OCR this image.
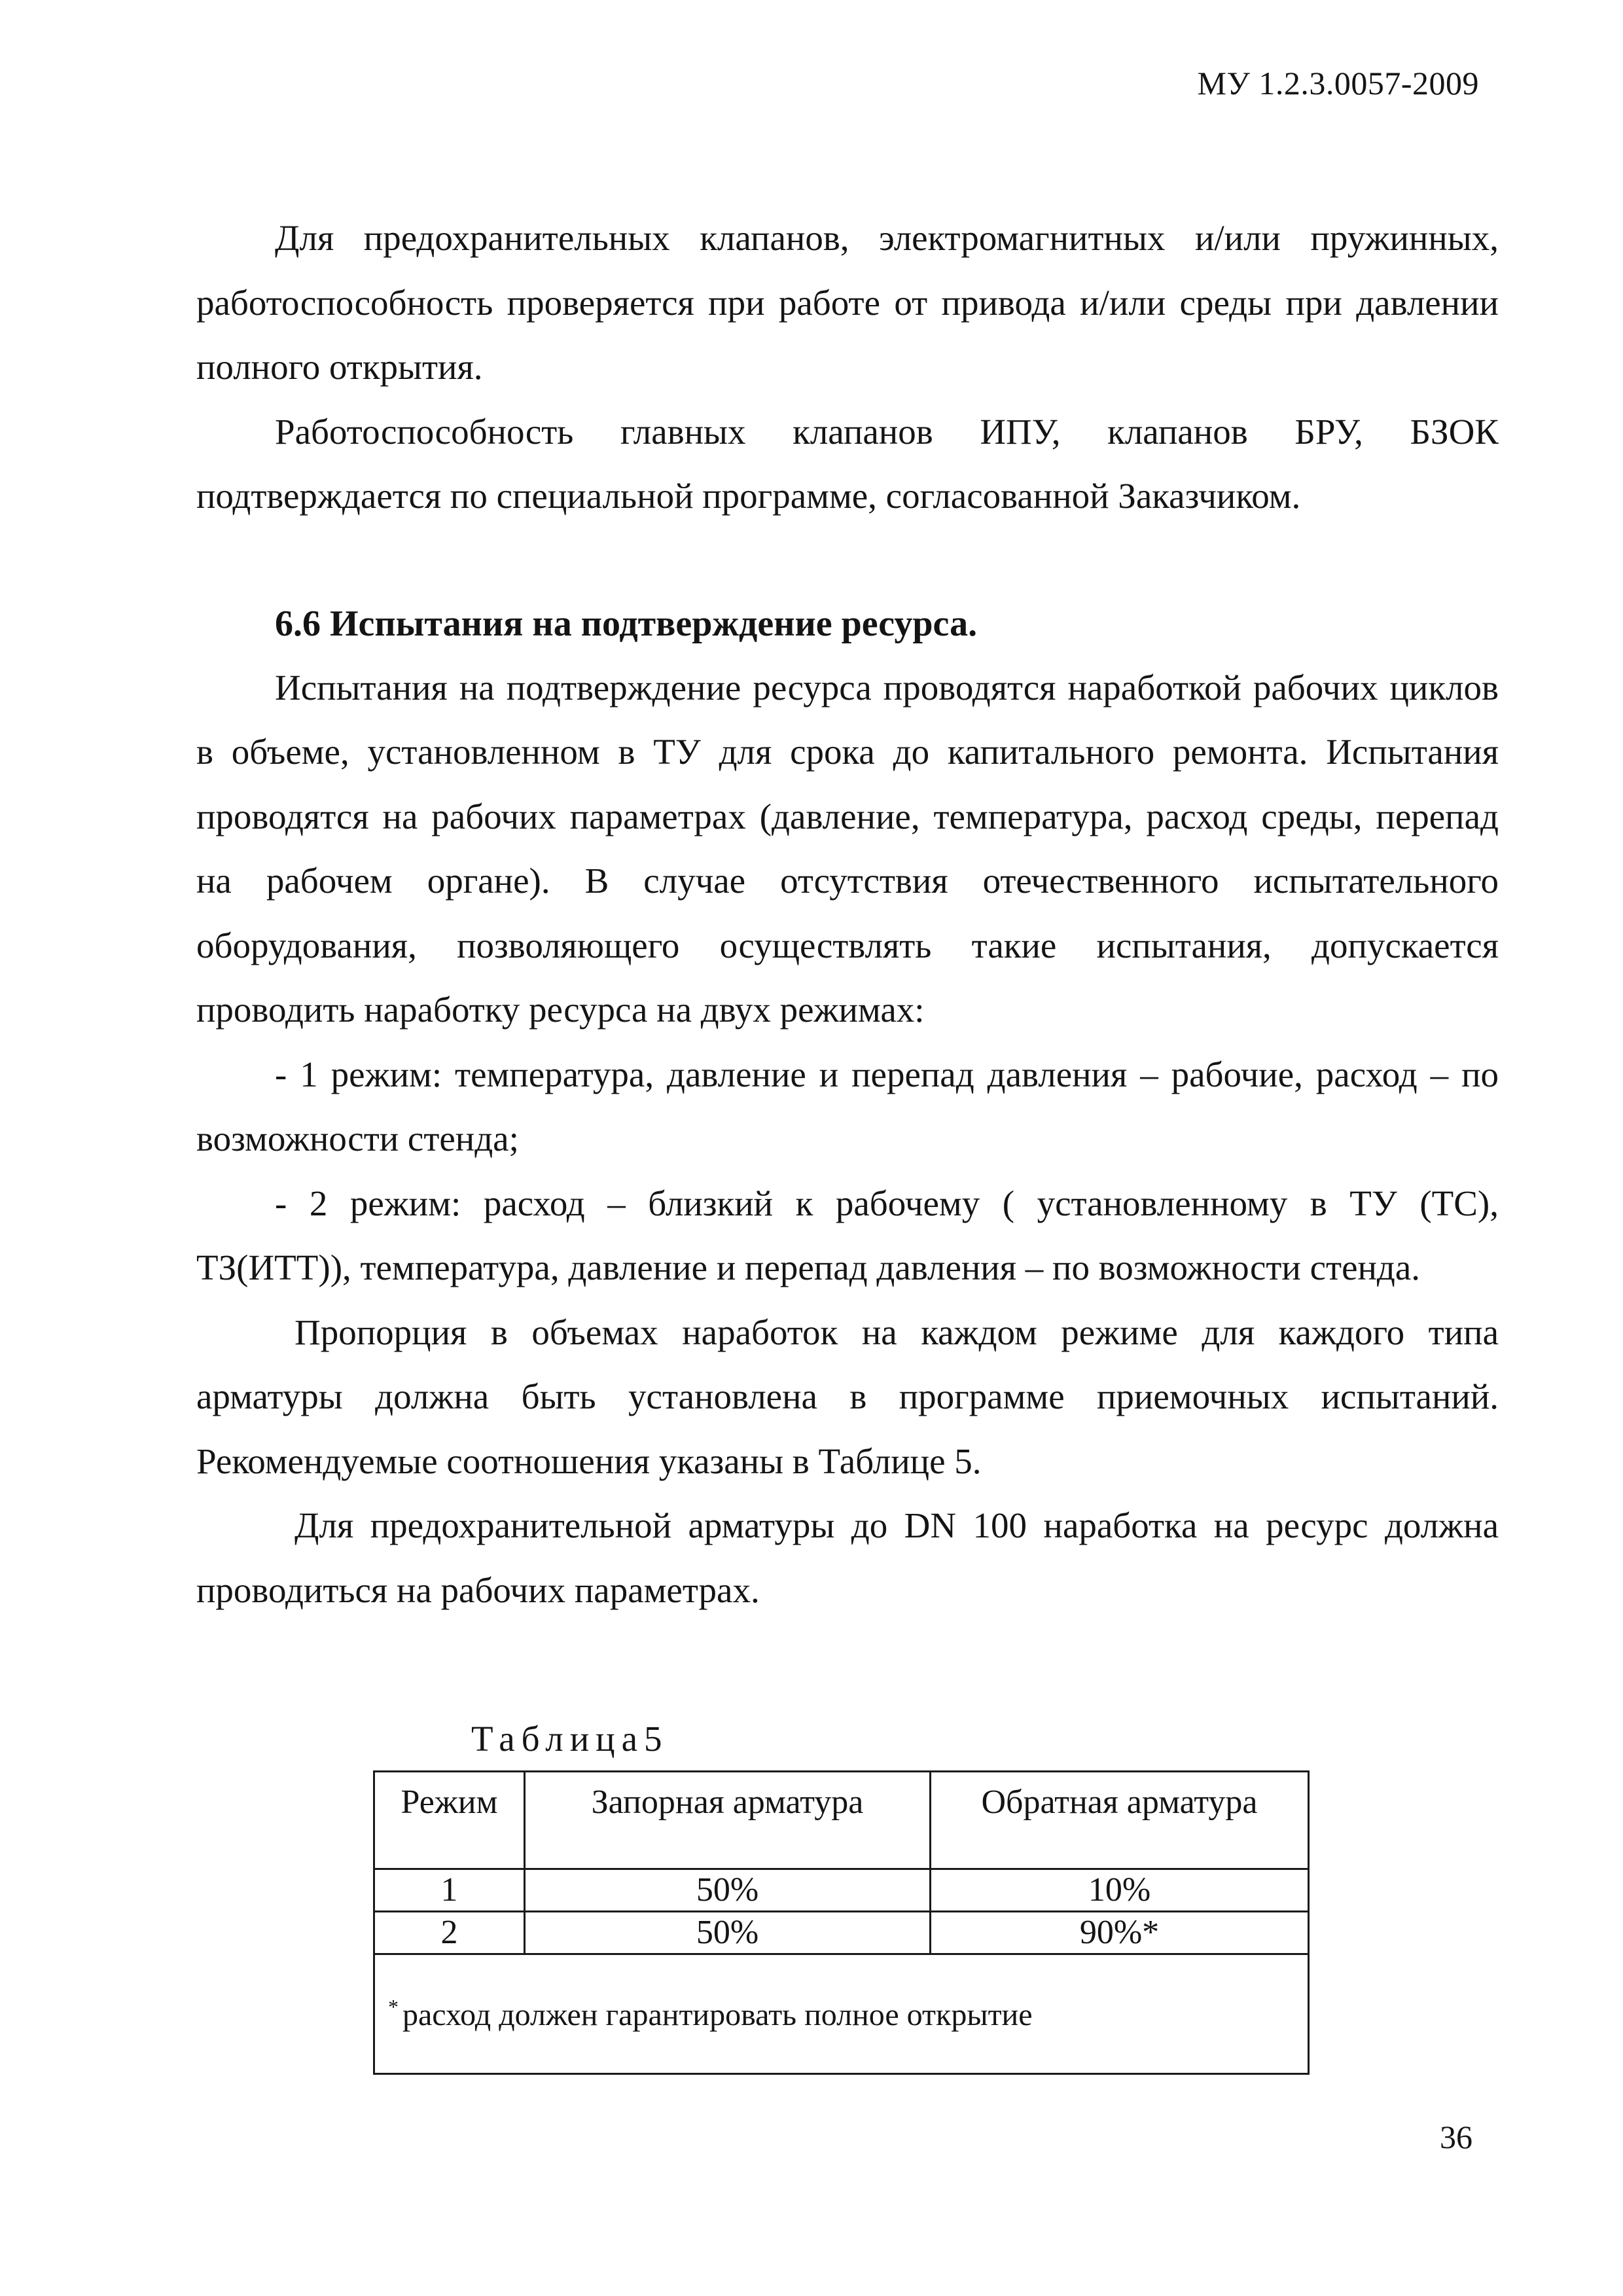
МУ 1.2.3.0057-2009

Для предохранительных клапанов, электромагнитных и/или пружинных, работоспособность проверяется при работе от привода и/или среды при давлении полного открытия.

Работоспособность главных клапанов ИПУ, клапанов БРУ, БЗОК подтверждается по специальной программе, согласованной Заказчиком.

6.6 Испытания на подтверждение ресурса.

Испытания на подтверждение ресурса проводятся наработкой рабочих циклов в объеме, установленном в ТУ для срока до капитального ремонта. Испытания проводятся на рабочих параметрах (давление, температура, расход среды, перепад на рабочем органе). В случае отсутствия отечественного испытательного оборудования, позволяющего осуществлять такие испытания, допускается проводить наработку ресурса на двух режимах:

- 1 режим: температура, давление и перепад давления – рабочие, расход – по возможности стенда;

- 2 режим: расход – близкий к рабочему ( установленному в ТУ (ТС), ТЗ(ИТТ)), температура, давление и перепад давления – по возможности стенда.

Пропорция в объемах наработок на каждом режиме для каждого типа арматуры должна быть установлена в программе приемочных испытаний. Рекомендуемые соотношения указаны в Таблице 5.

Для предохранительной арматуры до DN 100 наработка на ресурс должна проводиться на рабочих параметрах.

Таблица5
Режим	Запорная арматура	Обратная арматура
1	50%	10%
2	50%	90%*
* расход должен гарантировать полное открытие		
36
